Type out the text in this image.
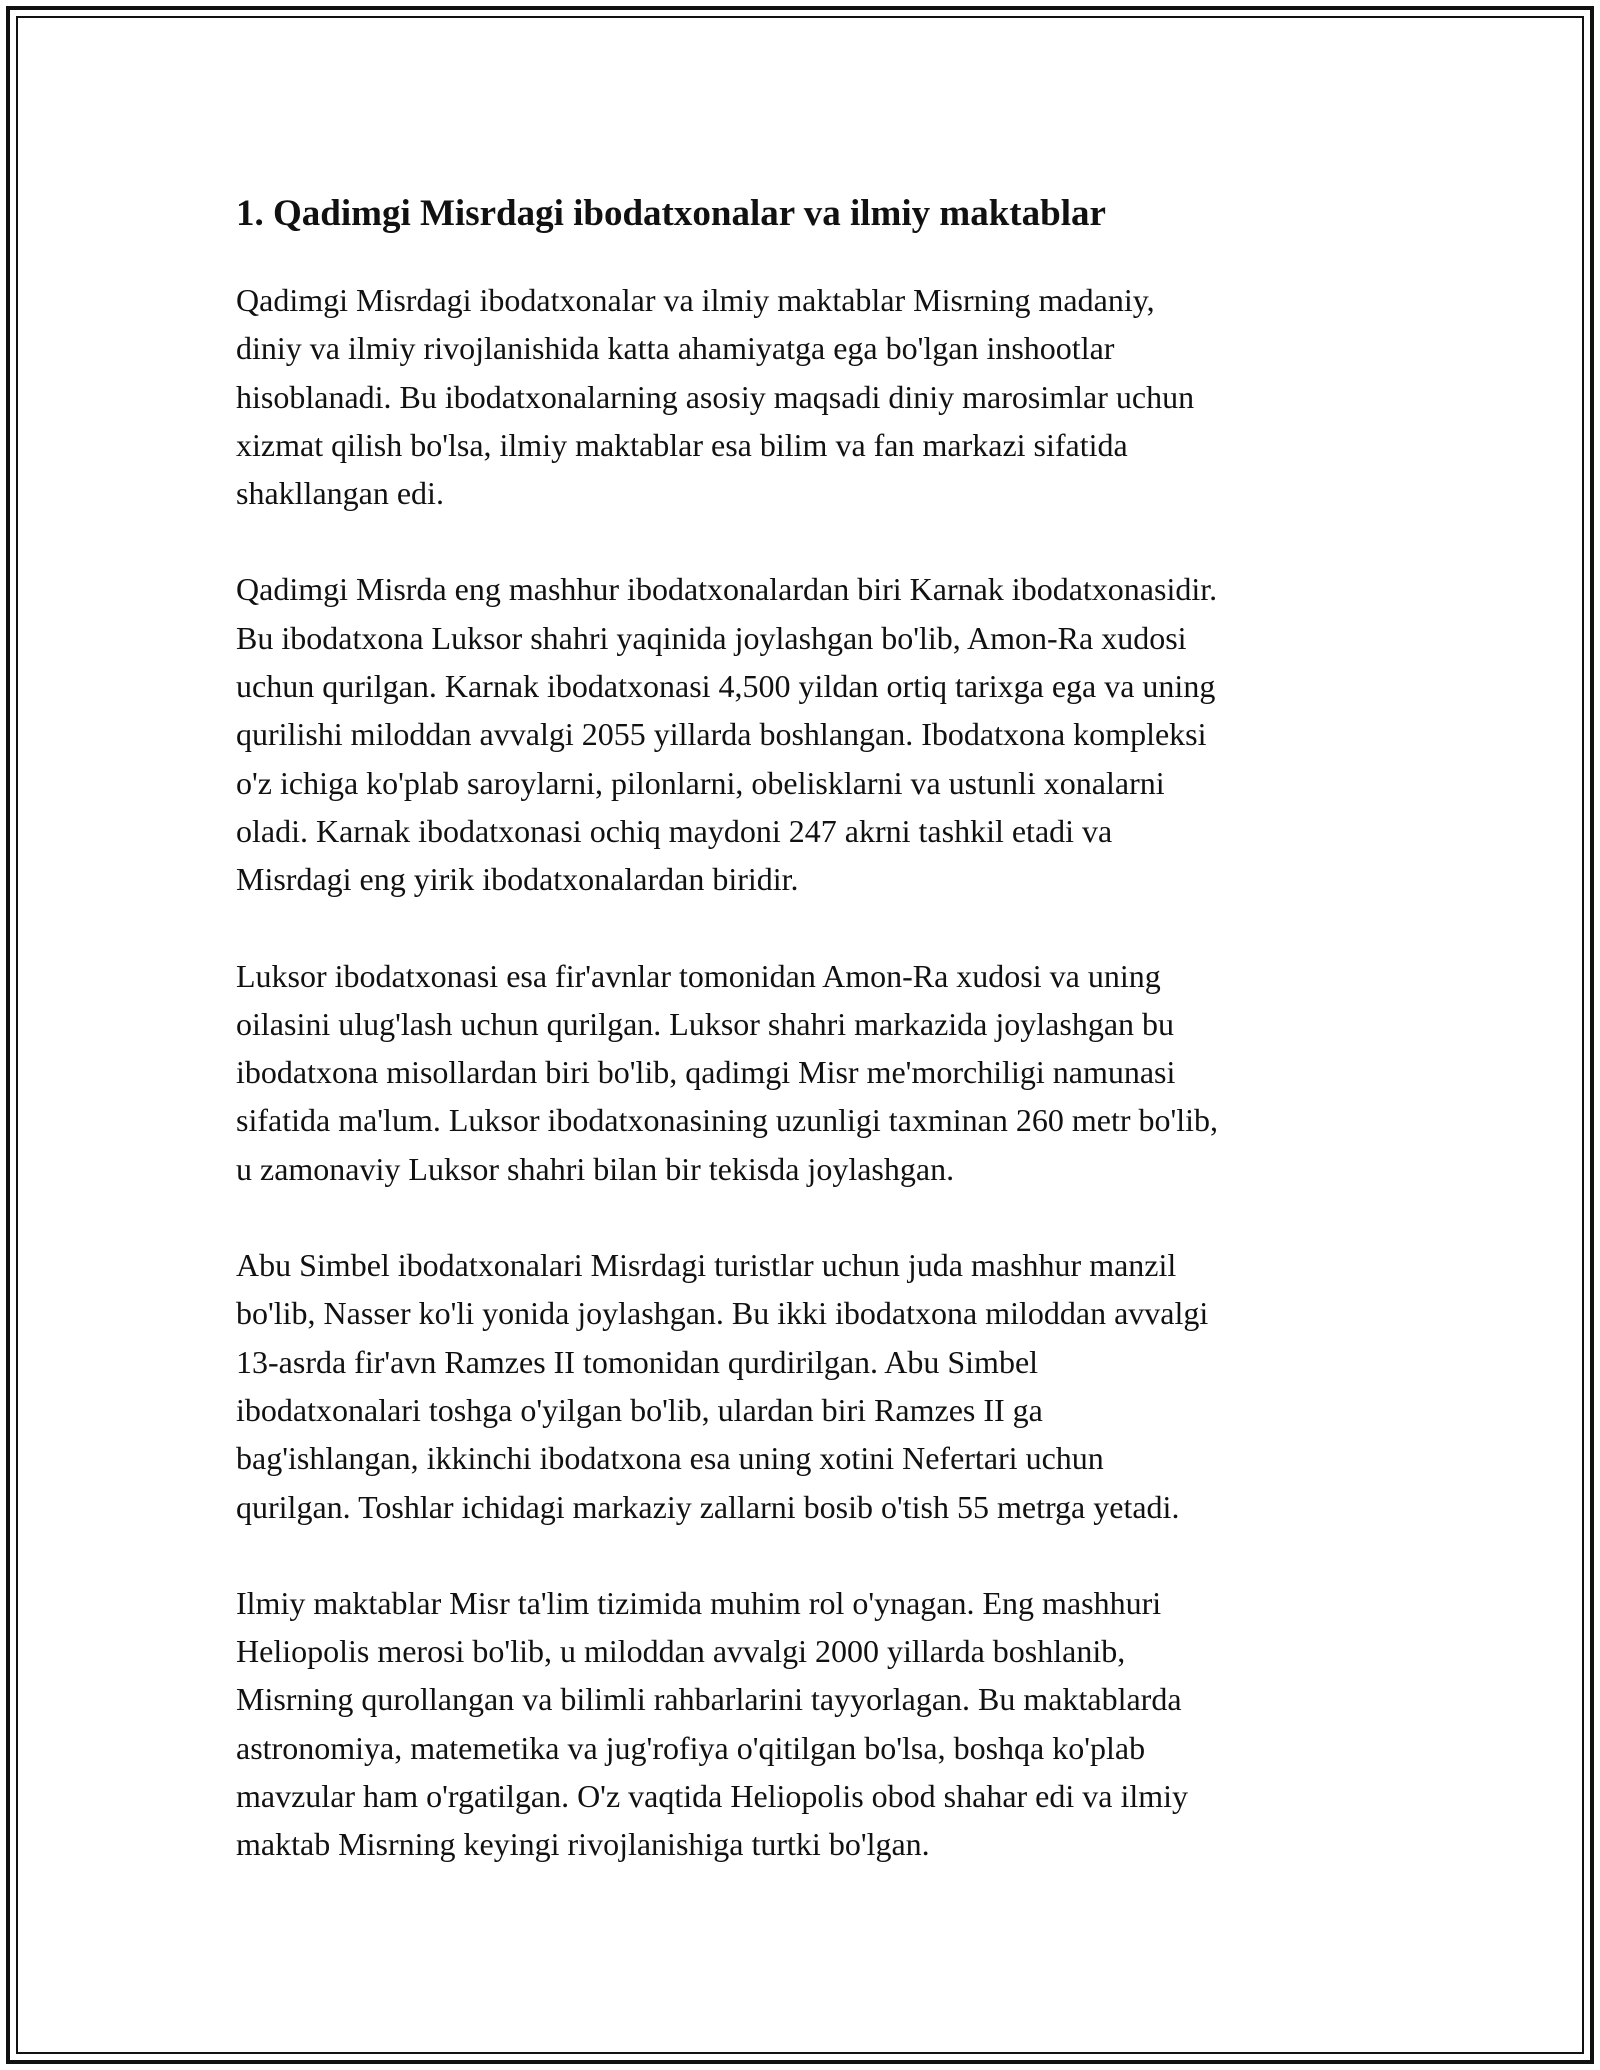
1. Qadimgi Misrdagi ibodatxonalar va ilmiy maktablar

Qadimgi Misrdagi ibodatxonalar va ilmiy maktablar Misrning madaniy,
diniy va ilmiy rivojlanishida katta ahamiyatga ega bo'lgan inshootlar
hisoblanadi. Bu ibodatxonalarning asosiy maqsadi diniy marosimlar uchun
xizmat qilish bo'lsa, ilmiy maktablar esa bilim va fan markazi sifatida
shakllangan edi.

Qadimgi Misrda eng mashhur ibodatxonalardan biri Karnak ibodatxonasidir.
Bu ibodatxona Luksor shahri yaqinida joylashgan bo'lib, Amon-Ra xudosi
uchun qurilgan. Karnak ibodatxonasi 4,500 yildan ortiq tarixga ega va uning
qurilishi miloddan avvalgi 2055 yillarda boshlangan. Ibodatxona kompleksi
o'z ichiga ko'plab saroylarni, pilonlarni, obelisklarni va ustunli xonalarni
oladi. Karnak ibodatxonasi ochiq maydoni 247 akrni tashkil etadi va
Misrdagi eng yirik ibodatxonalardan biridir.

Luksor ibodatxonasi esa fir'avnlar tomonidan Amon-Ra xudosi va uning
oilasini ulug'lash uchun qurilgan. Luksor shahri markazida joylashgan bu
ibodatxona misollardan biri bo'lib, qadimgi Misr me'morchiligi namunasi
sifatida ma'lum. Luksor ibodatxonasining uzunligi taxminan 260 metr bo'lib,
u zamonaviy Luksor shahri bilan bir tekisda joylashgan.

Abu Simbel ibodatxonalari Misrdagi turistlar uchun juda mashhur manzil
bo'lib, Nasser ko'li yonida joylashgan. Bu ikki ibodatxona miloddan avvalgi
13-asrda fir'avn Ramzes II tomonidan qurdirilgan. Abu Simbel
ibodatxonalari toshga o'yilgan bo'lib, ulardan biri Ramzes II ga
bag'ishlangan, ikkinchi ibodatxona esa uning xotini Nefertari uchun
qurilgan. Toshlar ichidagi markaziy zallarni bosib o'tish 55 metrga yetadi.

Ilmiy maktablar Misr ta'lim tizimida muhim rol o'ynagan. Eng mashhuri
Heliopolis merosi bo'lib, u miloddan avvalgi 2000 yillarda boshlanib,
Misrning qurollangan va bilimli rahbarlarini tayyorlagan. Bu maktablarda
astronomiya, matemetika va jug'rofiya o'qitilgan bo'lsa, boshqa ko'plab
mavzular ham o'rgatilgan. O'z vaqtida Heliopolis obod shahar edi va ilmiy
maktab Misrning keyingi rivojlanishiga turtki bo'lgan.
